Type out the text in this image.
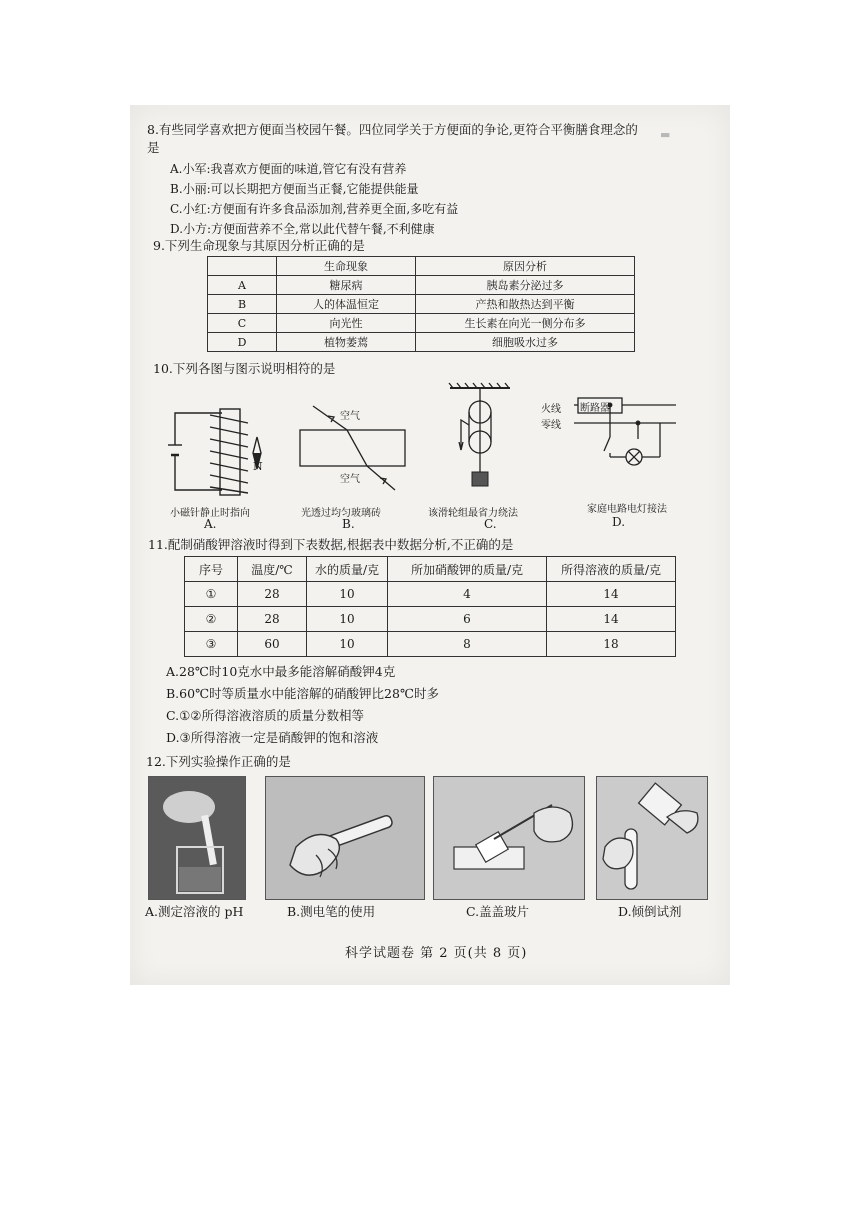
▬
8.有些同学喜欢把方便面当校园午餐。四位同学关于方便面的争论,更符合平衡膳食理念的
是
A.小军:我喜欢方便面的味道,管它有没有营养
B.小丽:可以长期把方便面当正餐,它能提供能量
C.小红:方便面有许多食品添加剂,营养更全面,多吃有益
D.小方:方便面营养不全,常以此代替午餐,不利健康
9.下列生命现象与其原因分析正确的是
	生命现象	原因分析
A	糖尿病	胰岛素分泌过多
B	人的体温恒定	产热和散热达到平衡
C	向光性	生长素在向光一侧分布多
D	植物萎蔫	细胞吸水过多
10.下列各图与图示说明相符的是
N
小磁针静止时指向
A.
空气
空气
光透过均匀玻璃砖
B.
该滑轮组最省力绕法
C.
火线
零线
断路器
家庭电路电灯接法
D.
11.配制硝酸钾溶液时得到下表数据,根据表中数据分析,不正确的是
序号	温度/℃	水的质量/克	所加硝酸钾的质量/克	所得溶液的质量/克
①	28	10	4	14
②	28	10	6	14
③	60	10	8	18
A.28℃时10克水中最多能溶解硝酸钾4克
B.60℃时等质量水中能溶解的硝酸钾比28℃时多
C.①②所得溶液溶质的质量分数相等
D.③所得溶液一定是硝酸钾的饱和溶液
12.下列实验操作正确的是
A.测定溶液的 pH	B.测电笔的使用	C.盖盖玻片	D.倾倒试剂
科学试题卷 第 2 页(共 8 页)
